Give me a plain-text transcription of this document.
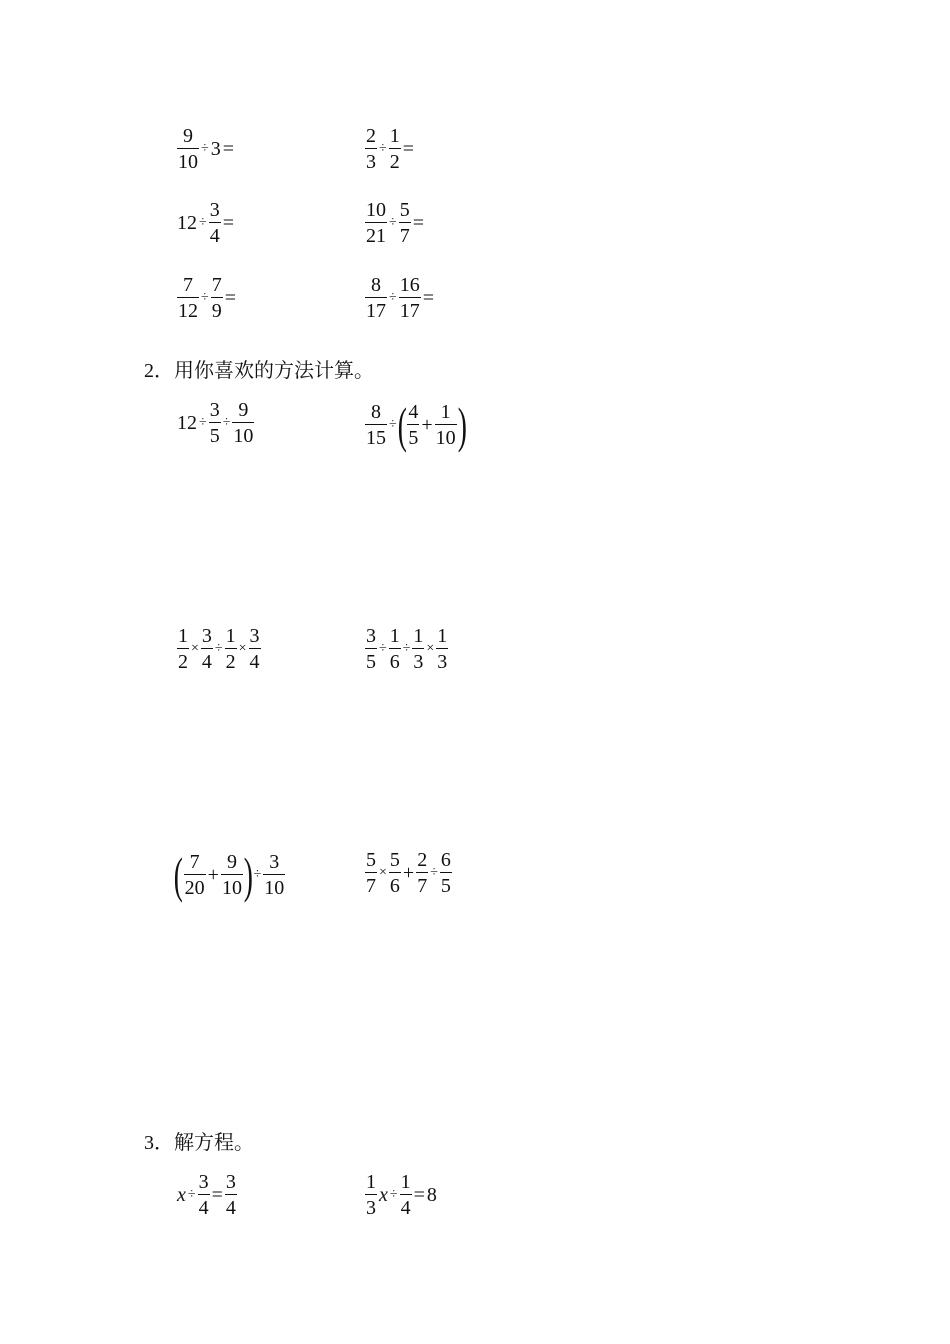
$\frac{9}{10} \div 3$ =	$\frac{2}{3} \div \frac{1}{2}$ =
$12 \div \frac{3}{4}$ =	$\frac{10}{21} \div \frac{5}{7}$ =
$\frac{7}{12} \div \frac{7}{9}$ =	$\frac{8}{17} \div \frac{16}{17}$ =
2．用你喜欢的方法计算。
$12 \div \frac{3}{5} \div \frac{9}{10}$	$\frac{8}{15}$ ÷ ( $\frac{4}{5} + \frac{1}{10}$ )
$\frac{1}{2} \times \frac{3}{4} \div \frac{1}{2} \times \frac{3}{4}$	$\frac{3}{5} \div \frac{1}{6} \div \frac{1}{3} \times \frac{1}{3}$
( $\frac{7}{20} + \frac{9}{10}$ ) ÷ $\frac{3}{10}$	$\frac{5}{7} \times \frac{5}{6} + \frac{2}{7} \div \frac{6}{5}$
3．解方程。
$x \div \frac{3}{4} = \frac{3}{4}$	$\frac{1}{3}$ $x \div \frac{1}{4} = 8$
